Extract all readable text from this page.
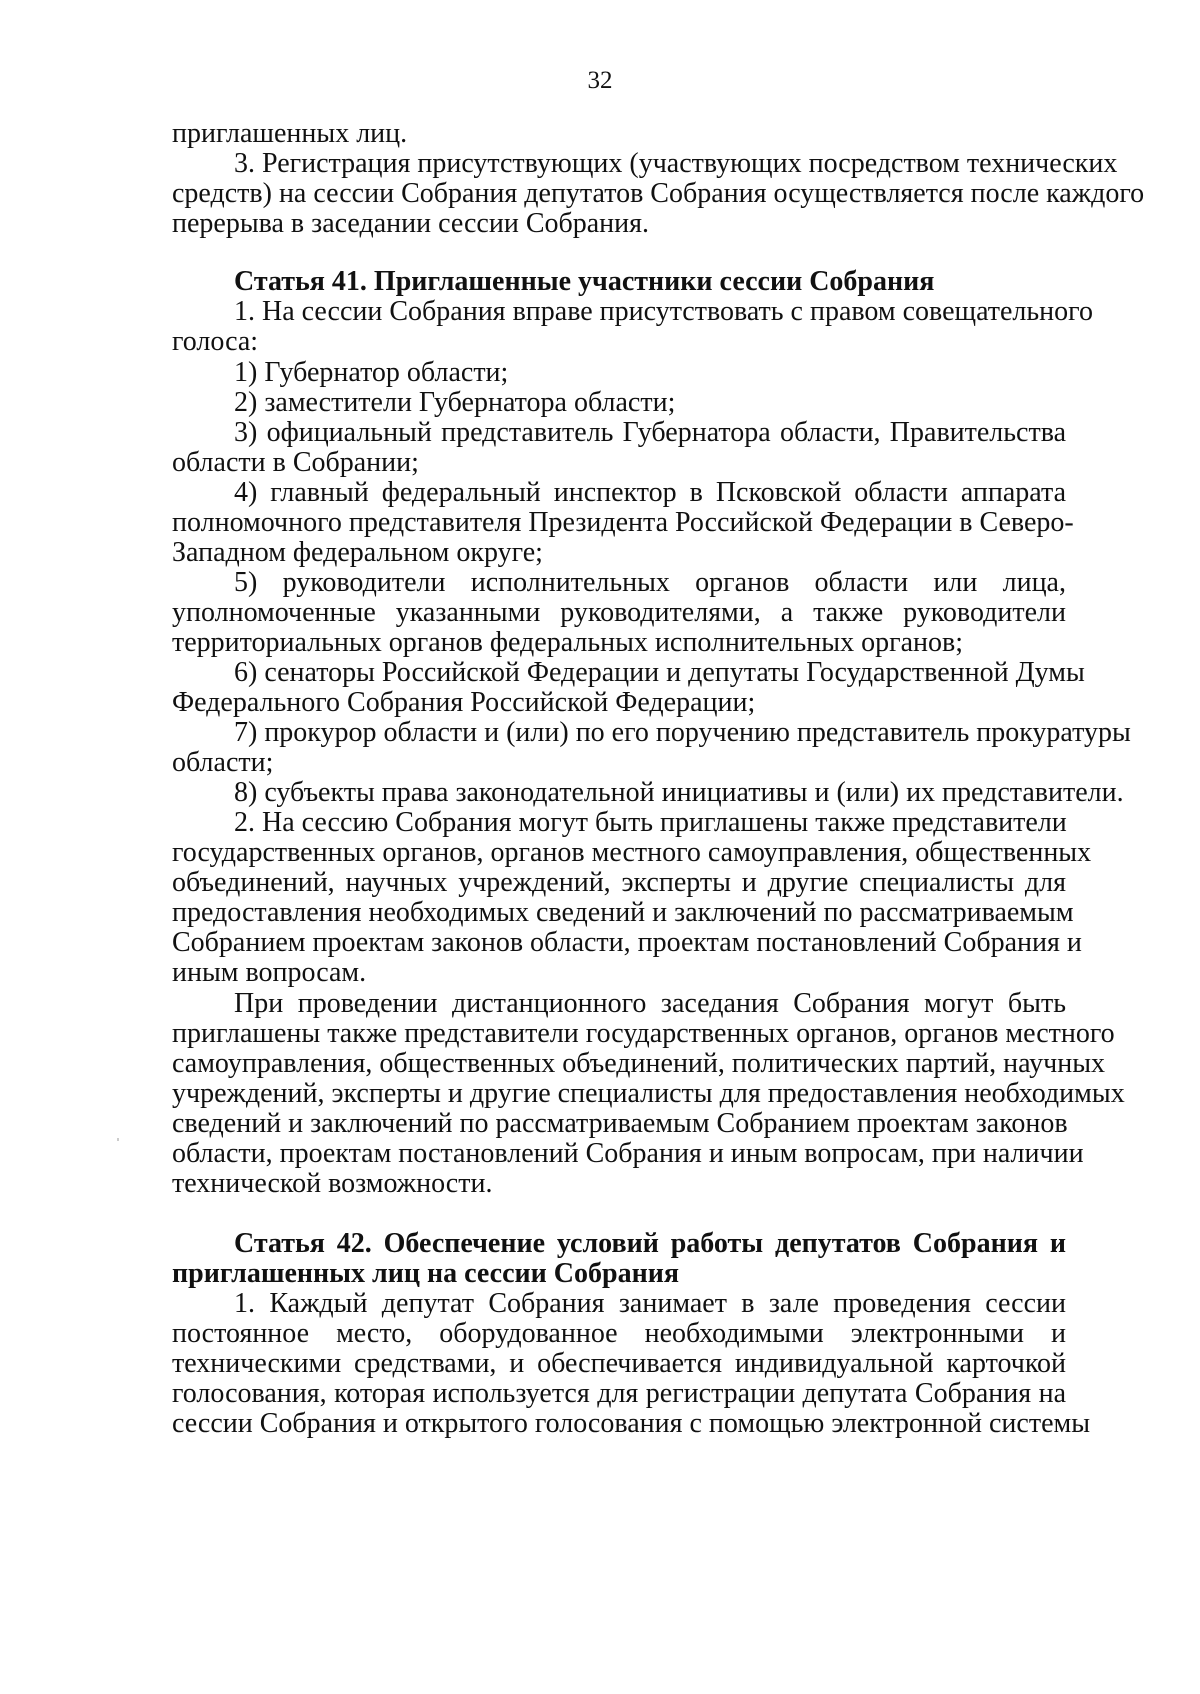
32
приглашенных лиц.
3. Регистрация присутствующих (участвующих посредством технических
средств) на сессии Собрания депутатов Собрания осуществляется после каждого
перерыва в заседании сессии Собрания.
Статья 41. Приглашенные участники сессии Собрания
1. На сессии Собрания вправе присутствовать с правом совещательного
голоса:
1) Губернатор области;
2) заместители Губернатора области;
3) официальный представитель Губернатора области, Правительства
области в Собрании;
4) главный федеральный инспектор в Псковской области аппарата
полномочного представителя Президента Российской Федерации в Северо-
Западном федеральном округе;
5) руководители исполнительных органов области или лица,
уполномоченные указанными руководителями, а также руководители
территориальных органов федеральных исполнительных органов;
6) сенаторы Российской Федерации и депутаты Государственной Думы
Федерального Собрания Российской Федерации;
7) прокурор области и (или) по его поручению представитель прокуратуры
области;
8) субъекты права законодательной инициативы и (или) их представители.
2. На сессию Собрания могут быть приглашены также представители
государственных органов, органов местного самоуправления, общественных
объединений, научных учреждений, эксперты и другие специалисты для
предоставления необходимых сведений и заключений по рассматриваемым
Собранием проектам законов области, проектам постановлений Собрания и
иным вопросам.
При проведении дистанционного заседания Собрания могут быть
приглашены также представители государственных органов, органов местного
самоуправления, общественных объединений, политических партий, научных
учреждений, эксперты и другие специалисты для предоставления необходимых
сведений и заключений по рассматриваемым Собранием проектам законов
области, проектам постановлений Собрания и иным вопросам, при наличии
технической возможности.
Статья 42. Обеспечение условий работы депутатов Собрания и
приглашенных лиц на сессии Собрания
1. Каждый депутат Собрания занимает в зале проведения сессии
постоянное место, оборудованное необходимыми электронными и
техническими средствами, и обеспечивается индивидуальной карточкой
голосования, которая используется для регистрации депутата Собрания на
сессии Собрания и открытого голосования с помощью электронной системы
